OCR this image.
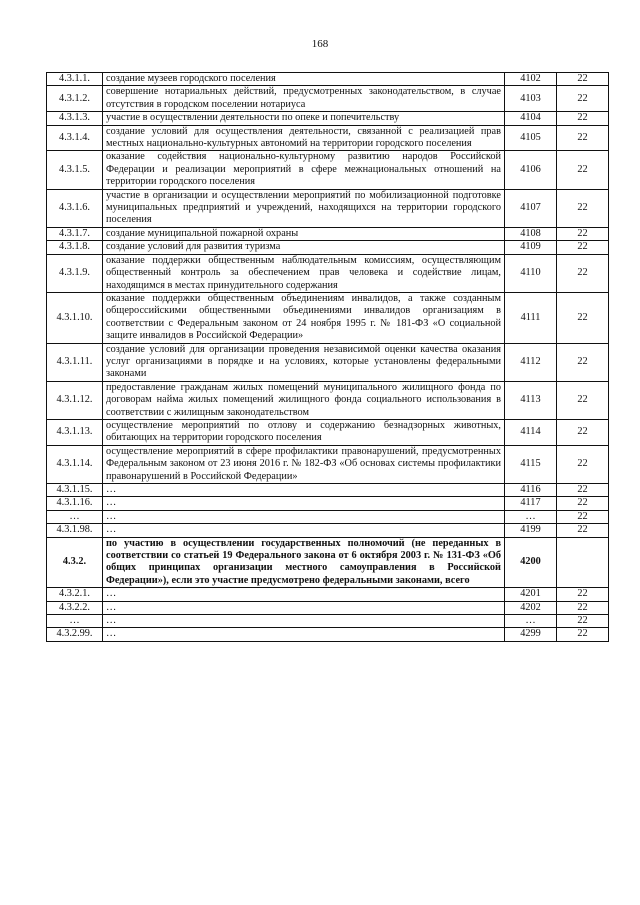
168
4.3.1.1.	создание музеев городского поселения	4102	22
4.3.1.2.	совершение нотариальных действий, предусмотренных законодательством, в случае отсутствия в городском поселении нотариуса	4103	22
4.3.1.3.	участие в осуществлении деятельности по опеке и попечительству	4104	22
4.3.1.4.	создание условий для осуществления деятельности, связанной с реализацией прав местных национально-культурных автономий на территории городского поселения	4105	22
4.3.1.5.	оказание содействия национально-культурному развитию народов Российской Федерации и реализации мероприятий в сфере межнациональных отношений на территории городского поселения	4106	22
4.3.1.6.	участие в организации и осуществлении мероприятий по мобилизационной подготовке муниципальных предприятий и учреждений, находящихся на территории городского поселения	4107	22
4.3.1.7.	создание муниципальной пожарной охраны	4108	22
4.3.1.8.	создание условий для развития туризма	4109	22
4.3.1.9.	оказание поддержки общественным наблюдательным комиссиям, осуществляющим общественный контроль за обеспечением прав человека и содействие лицам, находящимся в местах принудительного содержания	4110	22
4.3.1.10.	оказание поддержки общественным объединениям инвалидов, а также созданным общероссийскими общественными объединениями инвалидов организациям в соответствии с Федеральным законом от 24 ноября 1995 г. № 181-ФЗ «О социальной защите инвалидов в Российской Федерации»	4111	22
4.3.1.11.	создание условий для организации проведения независимой оценки качества оказания услуг организациями в порядке и на условиях, которые установлены федеральными законами	4112	22
4.3.1.12.	предоставление гражданам жилых помещений муниципального жилищного фонда по договорам найма жилых помещений жилищного фонда социального использования в соответствии с жилищным законодательством	4113	22
4.3.1.13.	осуществление мероприятий по отлову и содержанию безнадзорных животных, обитающих на территории городского поселения	4114	22
4.3.1.14.	осуществление мероприятий в сфере профилактики правонарушений, предусмотренных Федеральным законом от 23 июня 2016 г. № 182-ФЗ «Об основах системы профилактики правонарушений в Российской Федерации»	4115	22
4.3.1.15.	…	4116	22
4.3.1.16.	…	4117	22
…	…	…	22
4.3.1.98.	…	4199	22
4.3.2.	по участию в осуществлении государственных полномочий (не переданных в соответствии со статьей 19 Федерального закона от 6 октября 2003 г. № 131-ФЗ «Об общих принципах организации местного самоуправления в Российской Федерации»), если это участие предусмотрено федеральными законами, всего	4200	
4.3.2.1.	…	4201	22
4.3.2.2.	…	4202	22
…	…	…	22
4.3.2.99.	…	4299	22
